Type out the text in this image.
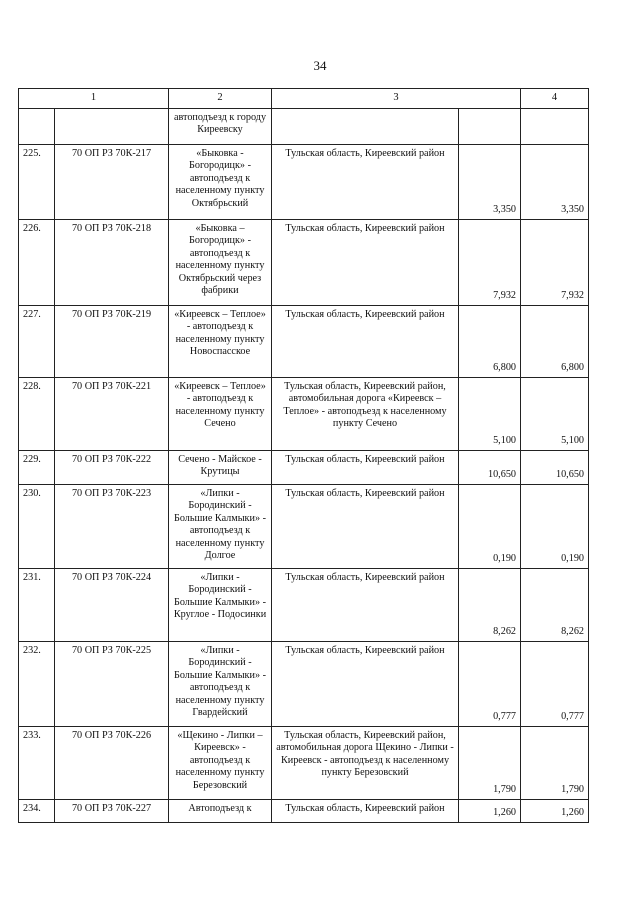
34
1		2	3		4
		автоподъезд к городу Киреевску			
225.	70 ОП РЗ 70К-217	«Быковка - Богородицк» - автоподъезд к населенному пункту Октябрьский	Тульская область, Киреевский район	3,350	3,350
226.	70 ОП РЗ 70К-218	«Быковка – Богородицк» - автоподъезд к населенному пункту Октябрьский через фабрики	Тульская область, Киреевский район	7,932	7,932
227.	70 ОП РЗ 70К-219	«Киреевск – Теплое» - автоподъезд к населенному пункту Новоспасское	Тульская область, Киреевский район	6,800	6,800
228.	70 ОП РЗ 70К-221	«Киреевск – Теплое» - автоподъезд к населенному пункту Сечено	Тульская область, Киреевский район, автомобильная дорога «Киреевск – Теплое» - автоподъезд к населенному пункту Сечено	5,100	5,100
229.	70 ОП РЗ 70К-222	Сечено - Майское - Крутицы	Тульская область, Киреевский район	10,650	10,650
230.	70 ОП РЗ 70К-223	«Липки - Бородинский - Большие Калмыки» - автоподъезд к населенному пункту Долгое	Тульская область, Киреевский район	0,190	0,190
231.	70 ОП РЗ 70К-224	«Липки - Бородинский - Большие Калмыки» - Круглое - Подосинки	Тульская область, Киреевский район	8,262	8,262
232.	70 ОП РЗ 70К-225	«Липки - Бородинский - Большие Калмыки» - автоподъезд к населенному пункту Гвардейский	Тульская область, Киреевский район	0,777	0,777
233.	70 ОП РЗ 70К-226	«Щекино - Липки – Киреевск» - автоподъезд к населенному пункту Березовский	Тульская область, Киреевский район, автомобильная дорога Щекино - Липки - Киреевск - автоподъезд к населенному пункту Березовский	1,790	1,790
234.	70 ОП РЗ 70К-227	Автоподъезд к	Тульская область, Киреевский район	1,260	1,260
